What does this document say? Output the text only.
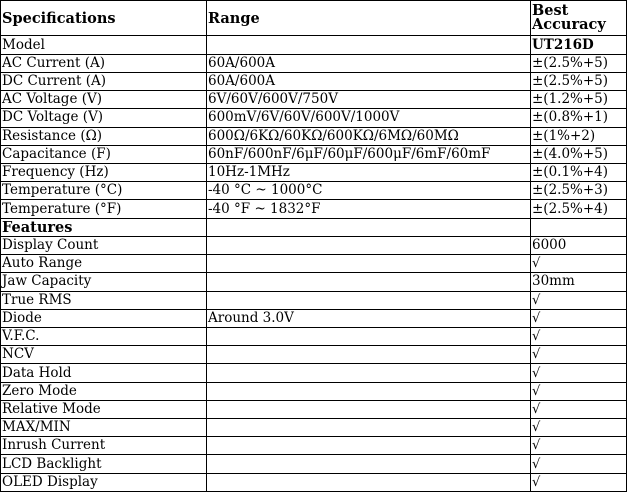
Specifications	Range	Best Accuracy
Model		UT216D
AC Current (A)	60A/600A	±(2.5%+5)
DC Current (A)	60A/600A	±(2.5%+5)
AC Voltage (V)	6V/60V/600V/750V	±(1.2%+5)
DC Voltage (V)	600mV/6V/60V/600V/1000V	±(0.8%+1)
Resistance (Ω)	600Ω/6KΩ/60KΩ/600KΩ/6MΩ/60MΩ	±(1%+2)
Capacitance (F)	60nF/600nF/6μF/60μF/600μF/6mF/60mF	±(4.0%+5)
Frequency (Hz)	10Hz-1MHz	±(0.1%+4)
Temperature (°C)	-40 °C ~ 1000°C	±(2.5%+3)
Temperature (°F)	-40 °F ~ 1832°F	±(2.5%+4)
Features		
Display Count		6000
Auto Range		√
Jaw Capacity		30mm
True RMS		√
Diode	Around 3.0V	√
V.F.C.		√
NCV		√
Data Hold		√
Zero Mode		√
Relative Mode		√
MAX/MIN		√
Inrush Current		√
LCD Backlight		√
OLED Display		√
